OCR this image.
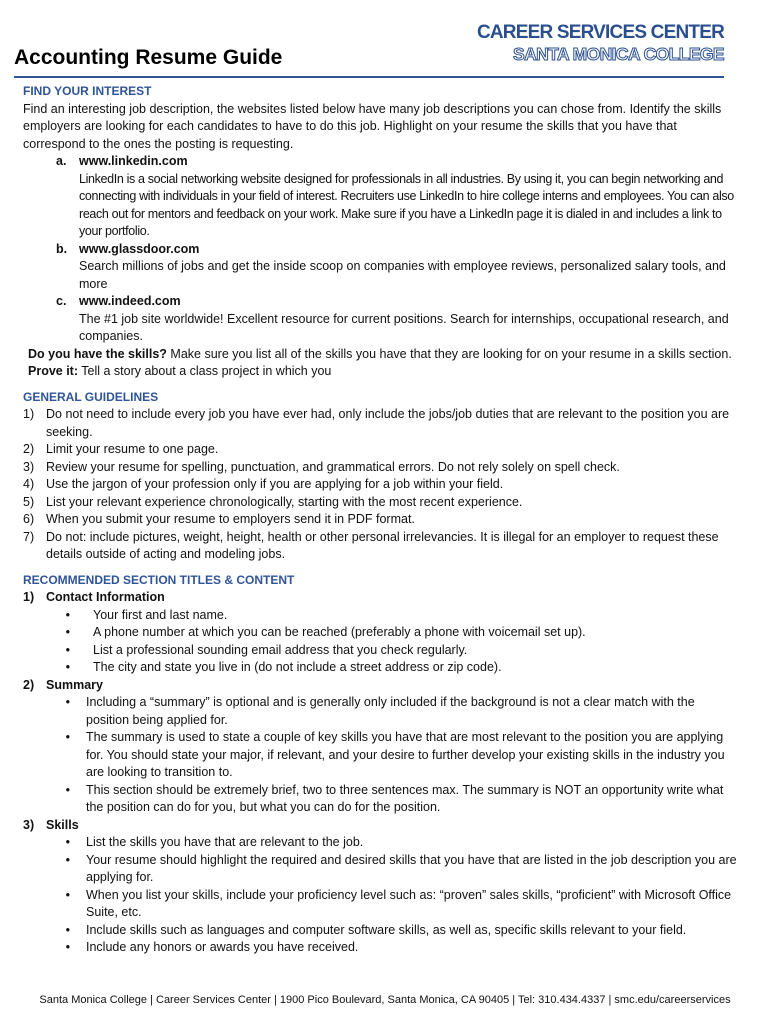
Accounting Resume Guide
CAREER SERVICES CENTER
SANTA MONICA COLLEGE
FIND YOUR INTEREST

Find an interesting job description, the websites listed below have many job descriptions you can chose from. Identify the skills employers are looking for each candidates to have to do this job. Highlight on your resume the skills that you have that correspond to the ones the posting is requesting.

a.	www.linkedin.com
LinkedIn is a social networking website designed for professionals in all industries. By using it, you can begin networking and connecting with individuals in your field of interest. Recruiters use LinkedIn to hire college interns and employees. You can also reach out for mentors and feedback on your work. Make sure if you have a LinkedIn page it is dialed in and includes a link to your portfolio.
b. www.glassdoor.com
Search millions of jobs and get the inside scoop on companies with employee reviews, personalized salary tools, and more
c.	www.indeed.com
The #1 job site worldwide! Excellent resource for current positions. Search for internships, occupational research, and companies.
Do you have the skills? Make sure you list all of the skills you have that they are looking for on your resume in a skills section.
Prove it: Tell a story about a class project in which you
GENERAL GUIDELINES
1) Do not need to include every job you have ever had, only include the jobs/job duties that are relevant to the position you are seeking.
2) Limit your resume to one page.
3) Review your resume for spelling, punctuation, and grammatical errors. Do not rely solely on spell check.
4) Use the jargon of your profession only if you are applying for a job within your field.
5) List your relevant experience chronologically, starting with the most recent experience.
6) When you submit your resume to employers send it in PDF format.
7) Do not: include pictures, weight, height, health or other personal irrelevancies. It is illegal for an employer to request these details outside of acting and modeling jobs.
RECOMMENDED SECTION TITLES & CONTENT
1) Contact Information
•
Your first and last name.
•
A phone number at which you can be reached (preferably a phone with voicemail set up).
•
List a professional sounding email address that you check regularly.
•
The city and state you live in (do not include a street address or zip code).
2) Summary
•
Including a “summary” is optional and is generally only included if the background is not a clear match with the position being applied for.
•
The summary is used to state a couple of key skills you have that are most relevant to the position you are applying for. You should state your major, if relevant, and your desire to further develop your existing skills in the industry you are looking to transition to.
•
This section should be extremely brief, two to three sentences max. The summary is NOT an opportunity write what the position can do for you, but what you can do for the position.
3) Skills
•
List the skills you have that are relevant to the job.
•
Your resume should highlight the required and desired skills that you have that are listed in the job description you are applying for.
•
When you list your skills, include your proficiency level such as: “proven” sales skills, “proficient” with Microsoft Office Suite, etc.
•
Include skills such as languages and computer software skills, as well as, specific skills relevant to your field.
•
Include any honors or awards you have received.
Santa Monica College | Career Services Center | 1900 Pico Boulevard, Santa Monica, CA 90405 | Tel: 310.434.4337 | smc.edu/careerservices
